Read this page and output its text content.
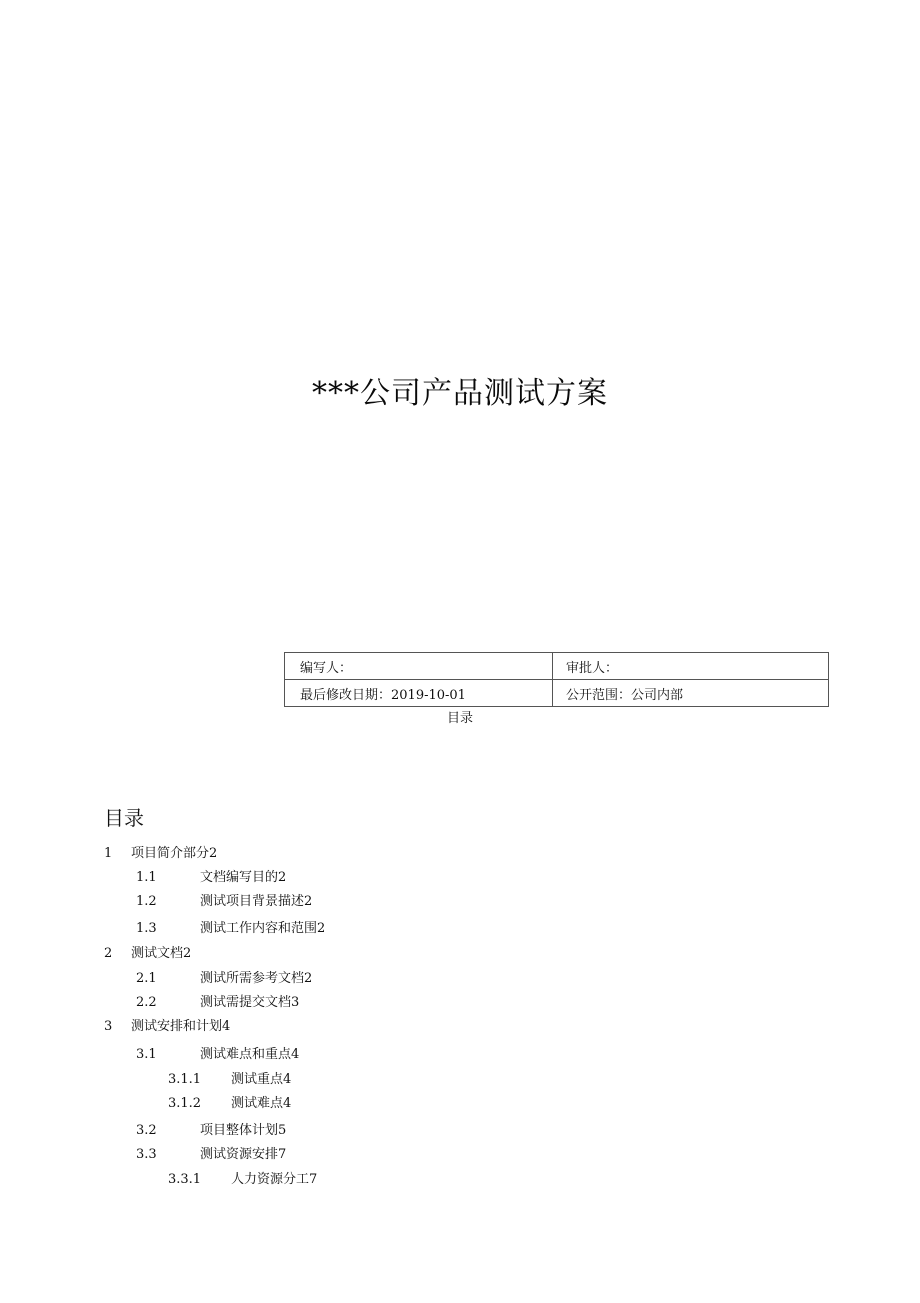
***公司产品测试方案
编写人：	审批人：
最后修改日期：2019-10-01	公开范围：公司内部
目录
目录
1 项目简介部分2
1.1	文档编写目的2
1.2	测试项目背景描述2
1.3	测试工作内容和范围2
2 测试文档2
2.1	测试所需参考文档2
2.2	测试需提交文档3
3 测试安排和计划4
3.1	测试难点和重点4
3.1.1 测试重点4
3.1.2 测试难点4
3.2	项目整体计划5
3.3	测试资源安排7
3.3.1 人力资源分工7
